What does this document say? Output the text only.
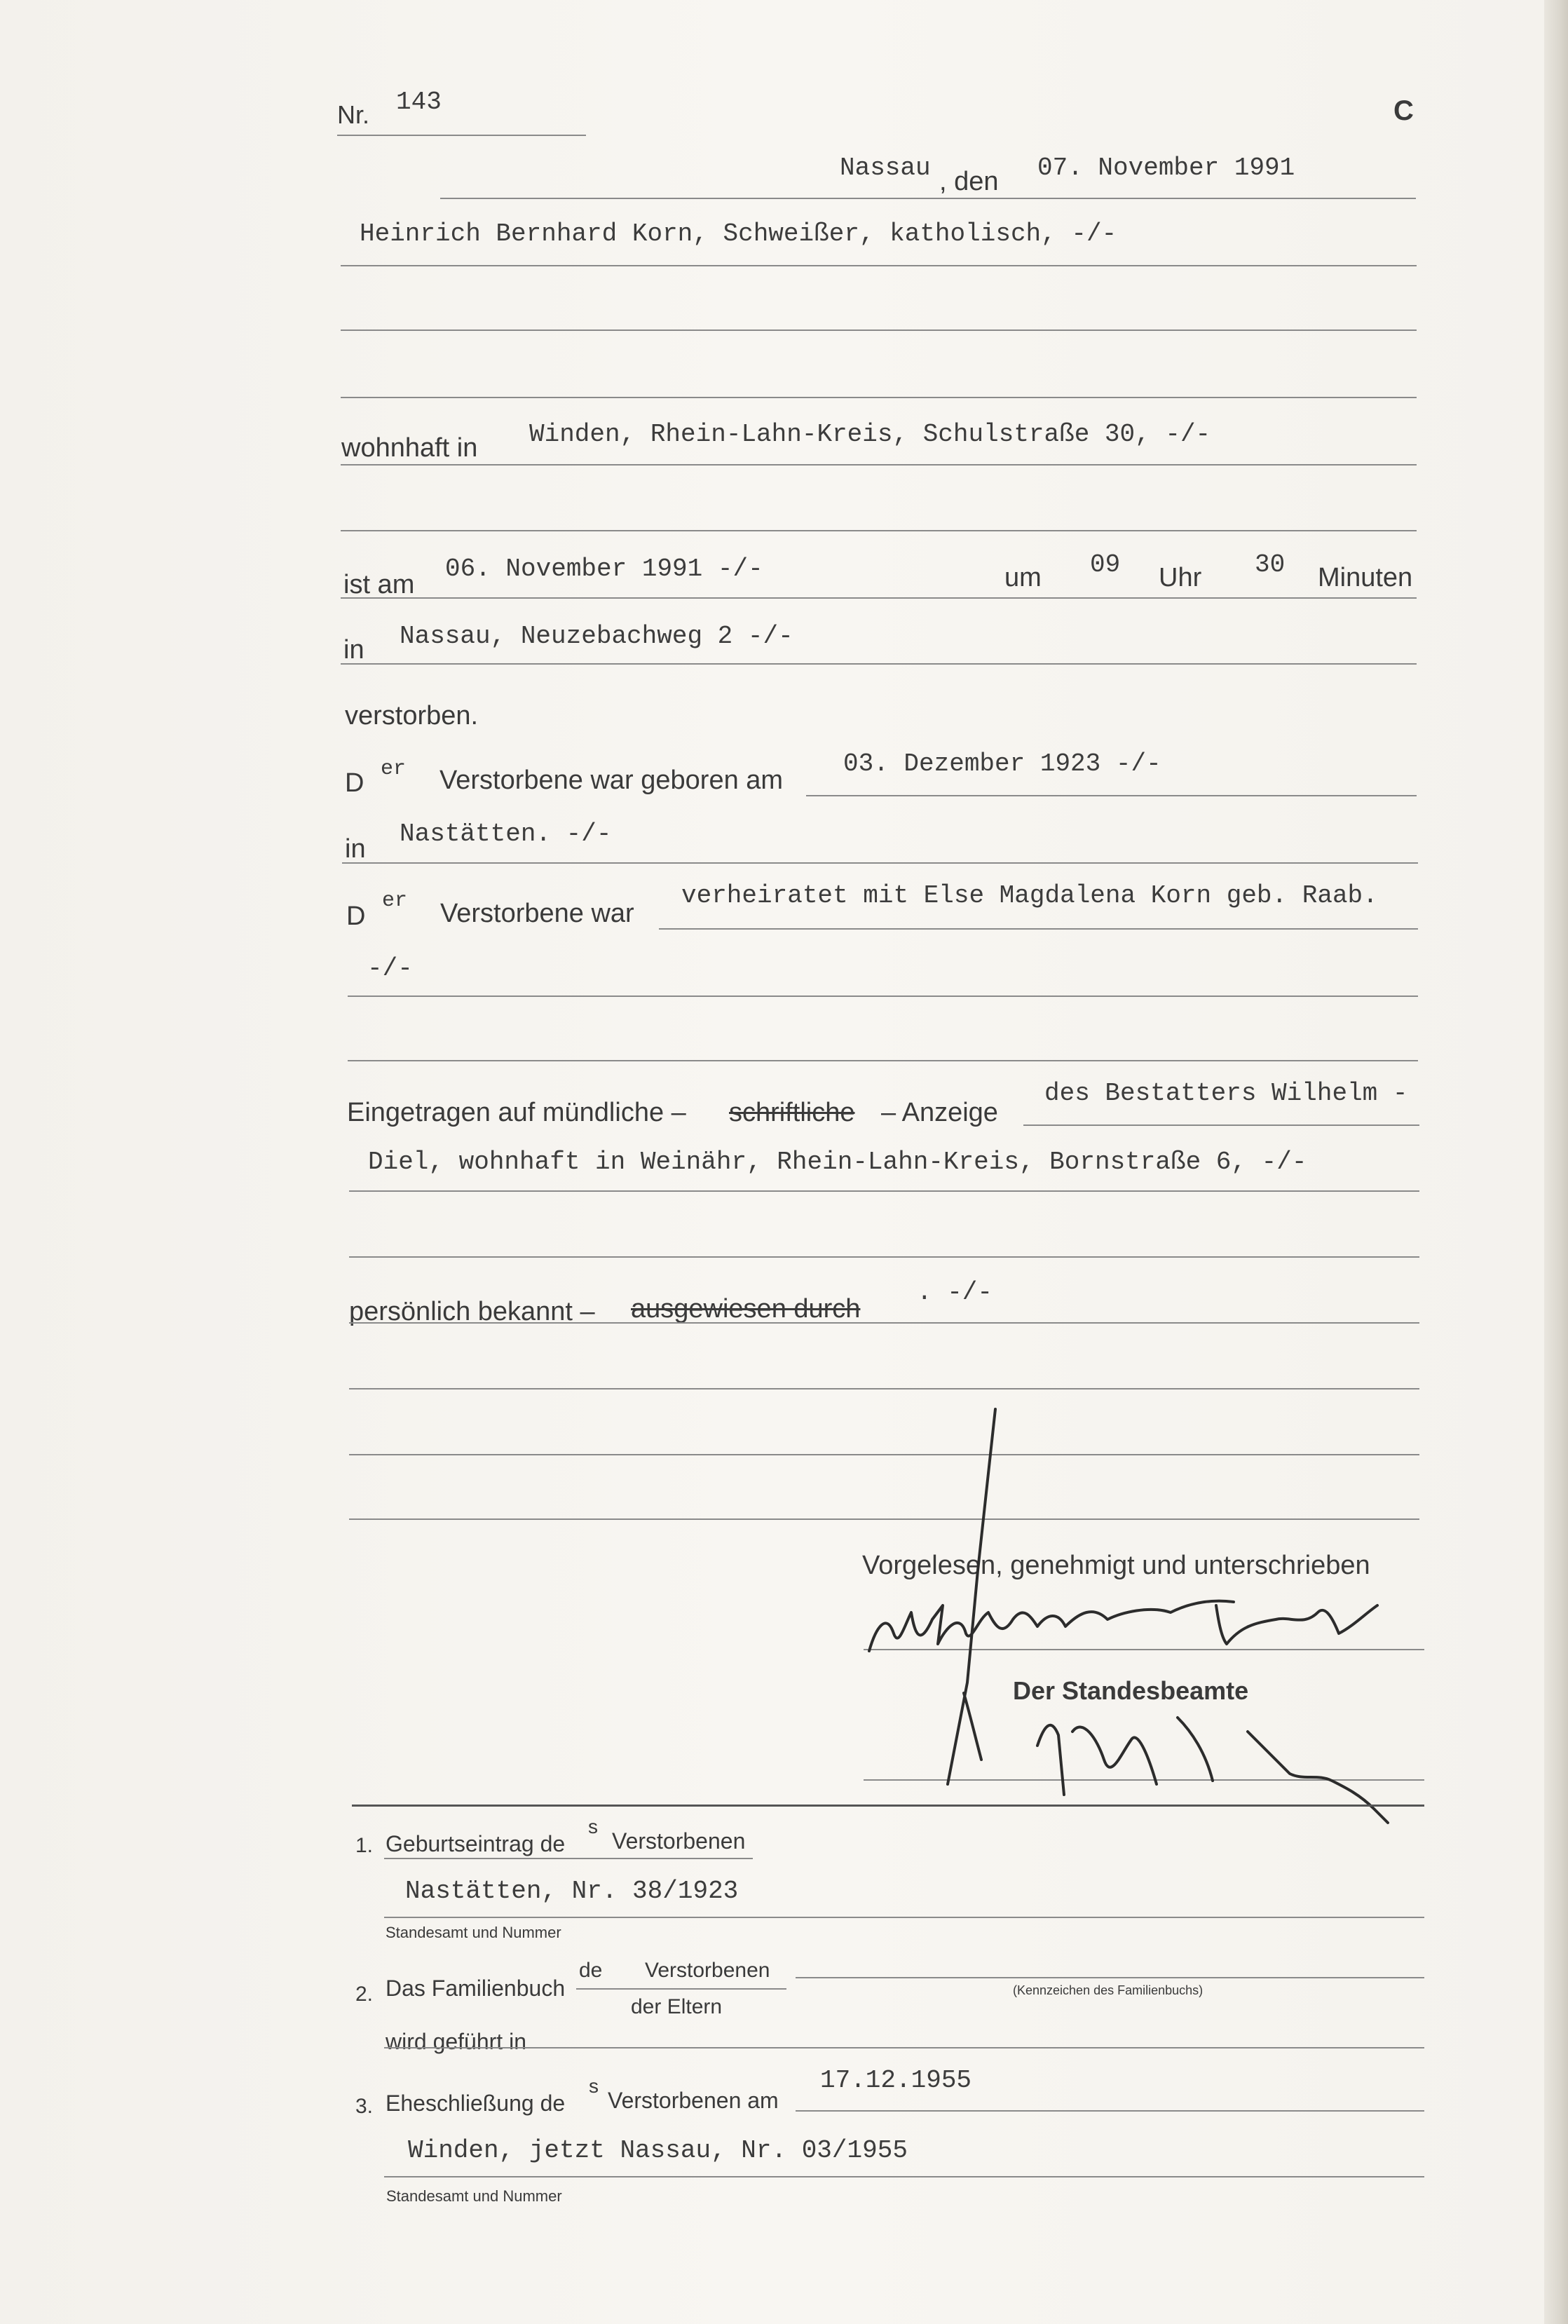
Nr. 143	C
Nassau , den 07. November 1991
Heinrich Bernhard Korn, Schweißer, katholisch, -/-
wohnhaft in Winden, Rhein-Lahn-Kreis, Schulstraße 30, -/-
ist am
06. November 1991 -/-	um 09 Uhr 30 Minuten
in Nassau, Neuzebachweg 2 -/-
verstorben.
D er Verstorbene war geboren am
03. Dezember 1923 -/-
in
Nastätten. -/-
D
er Verstorbene war
verheiratet mit Else Magdalena Korn geb. Raab.
-/-
Eingetragen auf mündliche – schriftliche – Anzeige
des Bestatters Wilhelm -
Diel, wohnhaft in Weinähr, Rhein-Lahn-Kreis, Bornstraße 6, -/-
persönlich bekannt – ausgewiesen durch
. -/-
Vorgelesen, genehmigt und unterschrieben
Der Standesbeamte
1. Geburtseintrag de
s
Verstorbenen
Nastätten, Nr. 38/1923
Standesamt und Nummer
2. Das Familienbuch
de Verstorbenen
der Eltern
(Kennzeichen des Familienbuchs)
wird geführt in
3. Eheschließung de
s
Verstorbenen am
17.12.1955
Winden, jetzt Nassau, Nr. 03/1955
Standesamt und Nummer
